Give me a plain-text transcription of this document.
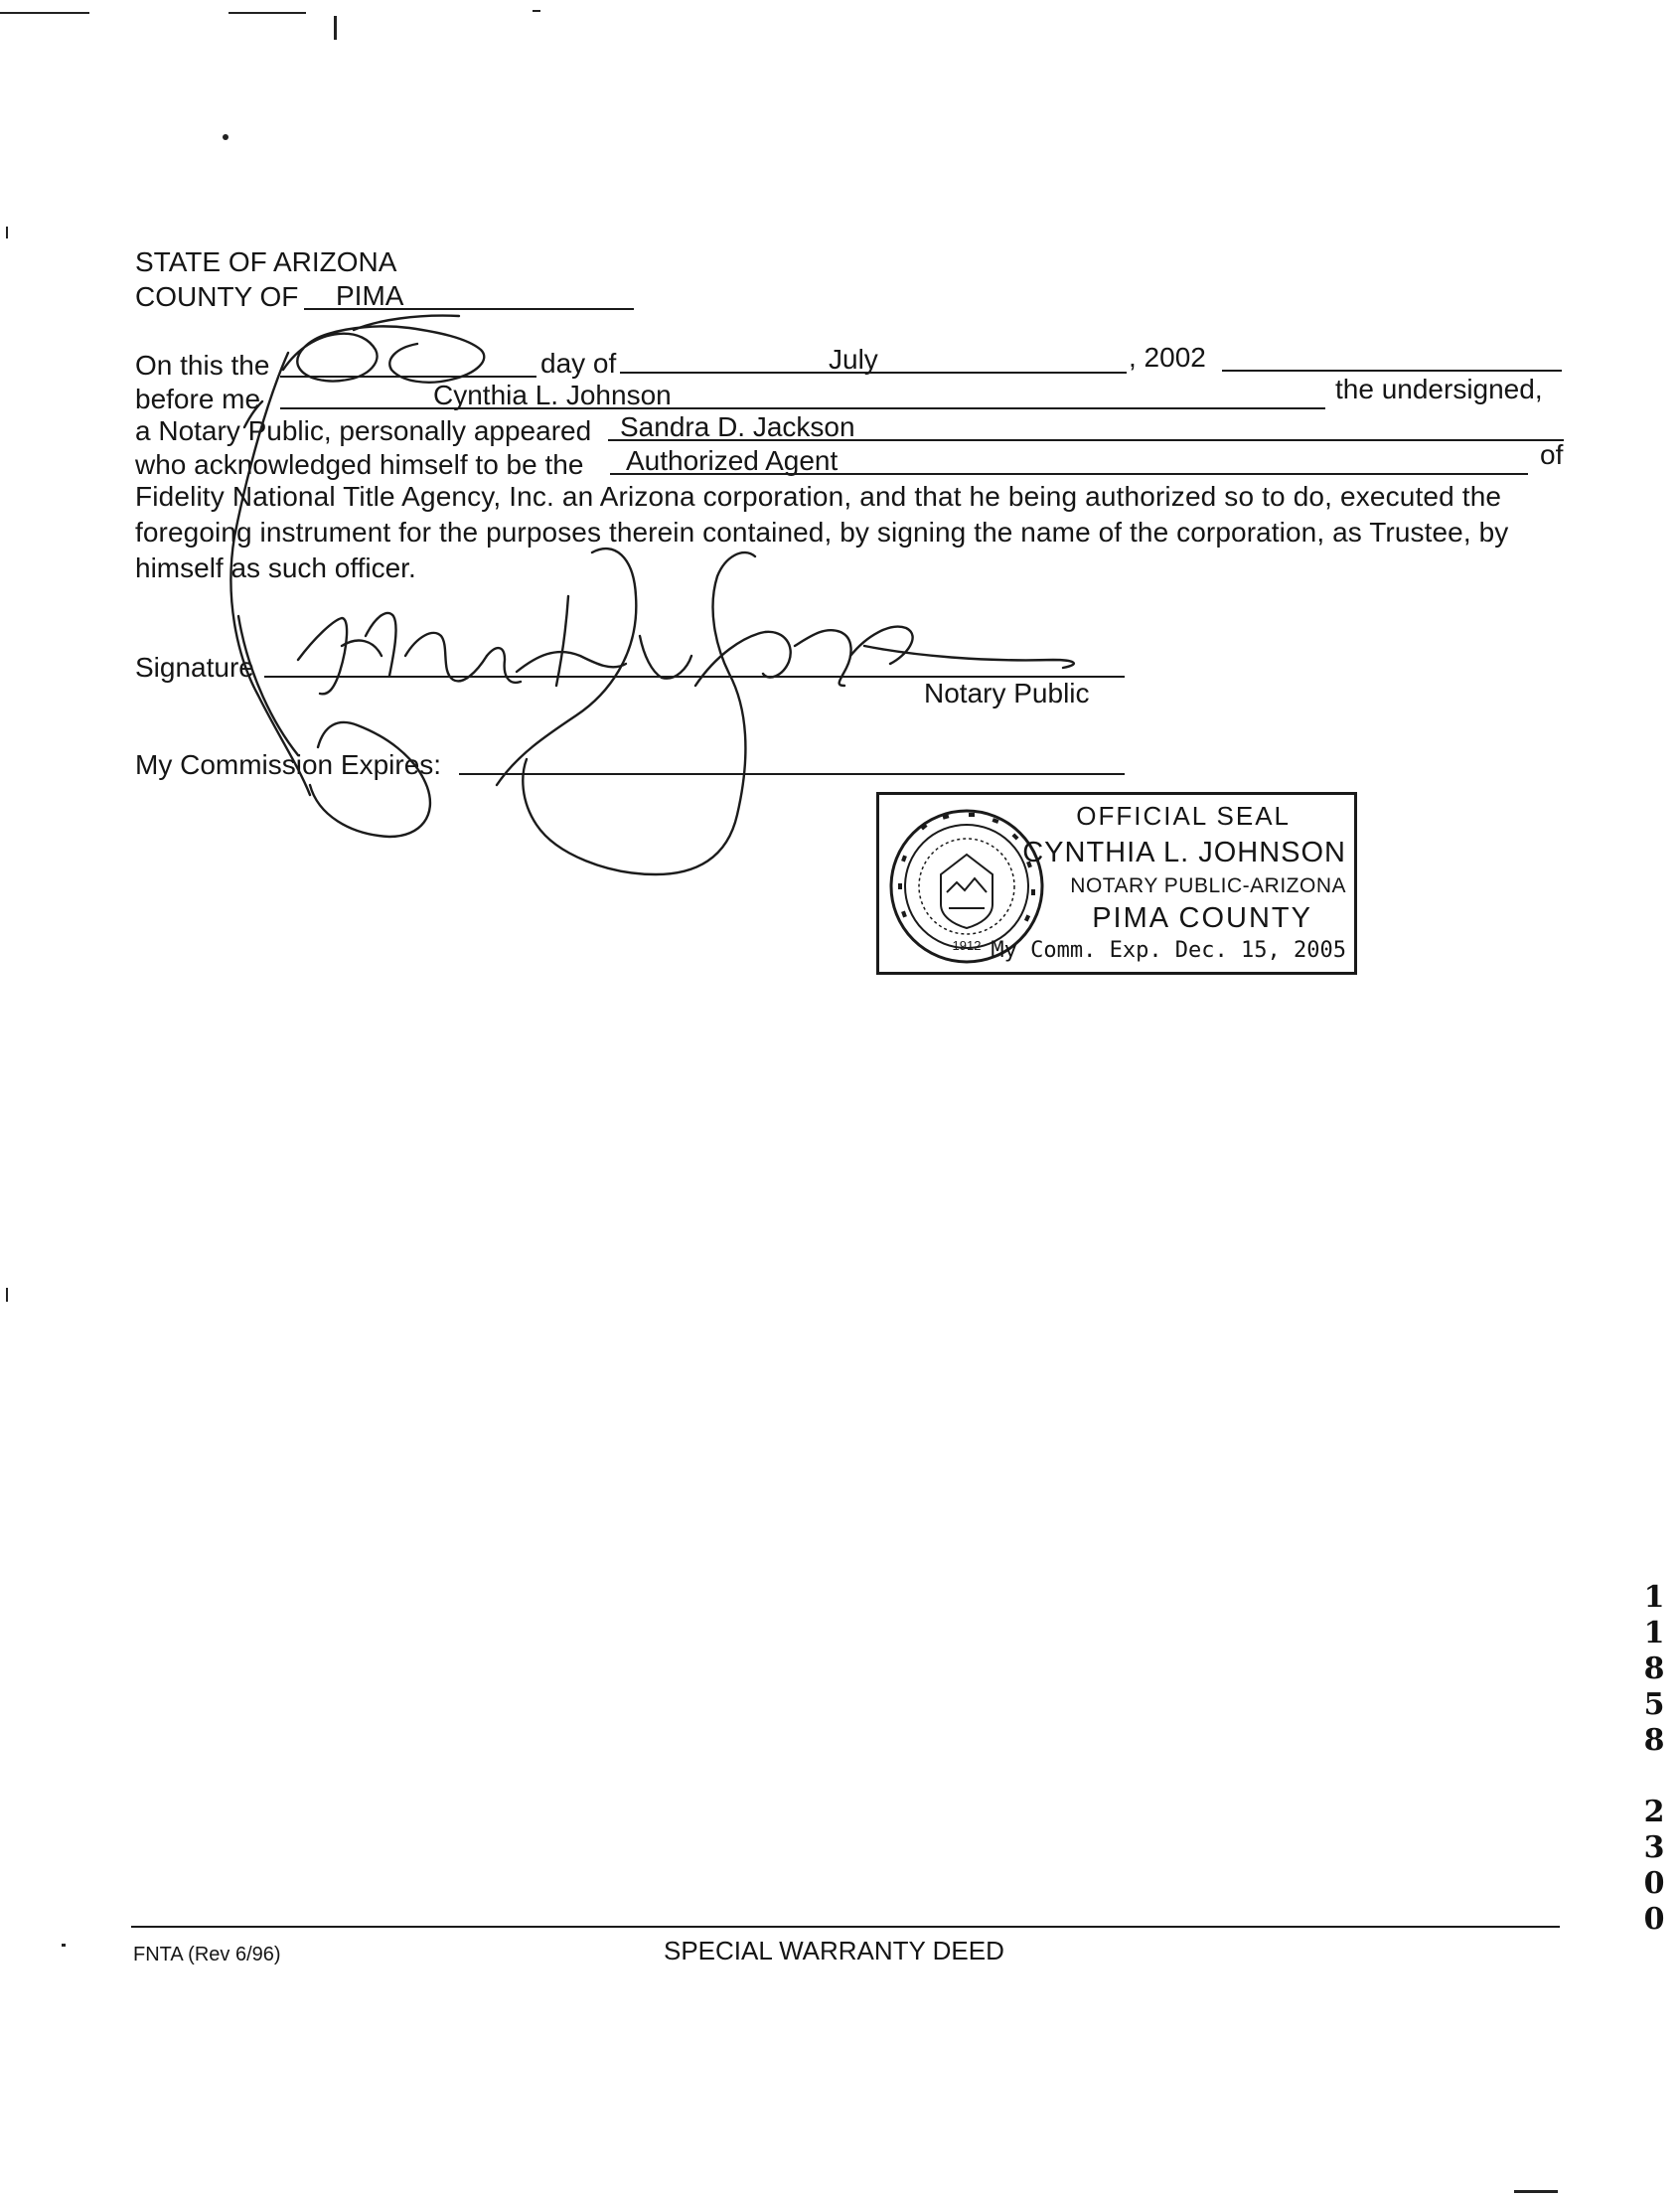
STATE OF ARIZONA
COUNTY OF PIMA
On this the	day of	July	, 2002
before me	Cynthia L. Johnson	the undersigned,
a Notary Public, personally appeared Sandra D. Jackson
who acknowledged himself to be the Authorized Agent	of
Fidelity National Title Agency, Inc. an Arizona corporation, and that he being authorized so to do, executed the
foregoing instrument for the purposes therein contained, by signing the name of the corporation, as Trustee, by
himself as such officer.
Signature
Notary Public
My Commission Expires:
1912
OFFICIAL SEAL
CYNTHIA L. JOHNSON
NOTARY PUBLIC-ARIZONA
PIMA COUNTY
My Comm. Exp. Dec. 15, 2005
1
1
8
5
8
2
3
0
0
FNTA (Rev 6/96)	SPECIAL WARRANTY DEED
